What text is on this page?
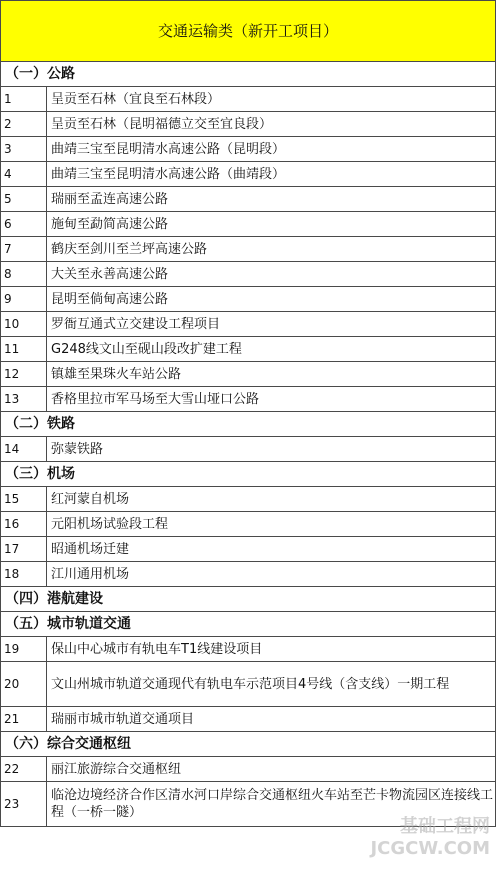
交通运输类（新开工项目）	
（一）公路	
1	呈贡至石林（宜良至石林段）
2	呈贡至石林（昆明福德立交至宜良段）
3	曲靖三宝至昆明清水高速公路（昆明段）
4	曲靖三宝至昆明清水高速公路（曲靖段）
5	瑞丽至孟连高速公路
6	施甸至勐简高速公路
7	鹤庆至剑川至兰坪高速公路
8	大关至永善高速公路
9	昆明至倘甸高速公路
10	罗衙互通式立交建设工程项目
11	G248线文山至砚山段改扩建工程
12	镇雄至果珠火车站公路
13	香格里拉市军马场至大雪山垭口公路
（二）铁路	
14	弥蒙铁路
（三）机场	
15	红河蒙自机场
16	元阳机场试验段工程
17	昭通机场迁建
18	江川通用机场
（四）港航建设	
（五）城市轨道交通	
19	保山中心城市有轨电车T1线建设项目
20	文山州城市轨道交通现代有轨电车示范项目4号线（含支线）一期工程
21	瑞丽市城市轨道交通项目
（六）综合交通枢纽	
22	丽江旅游综合交通枢纽
23	临沧边境经济合作区清水河口岸综合交通枢纽火车站至芒卡物流园区连接线工程（一桥一隧）
基础工程网
JCGCW.COM
